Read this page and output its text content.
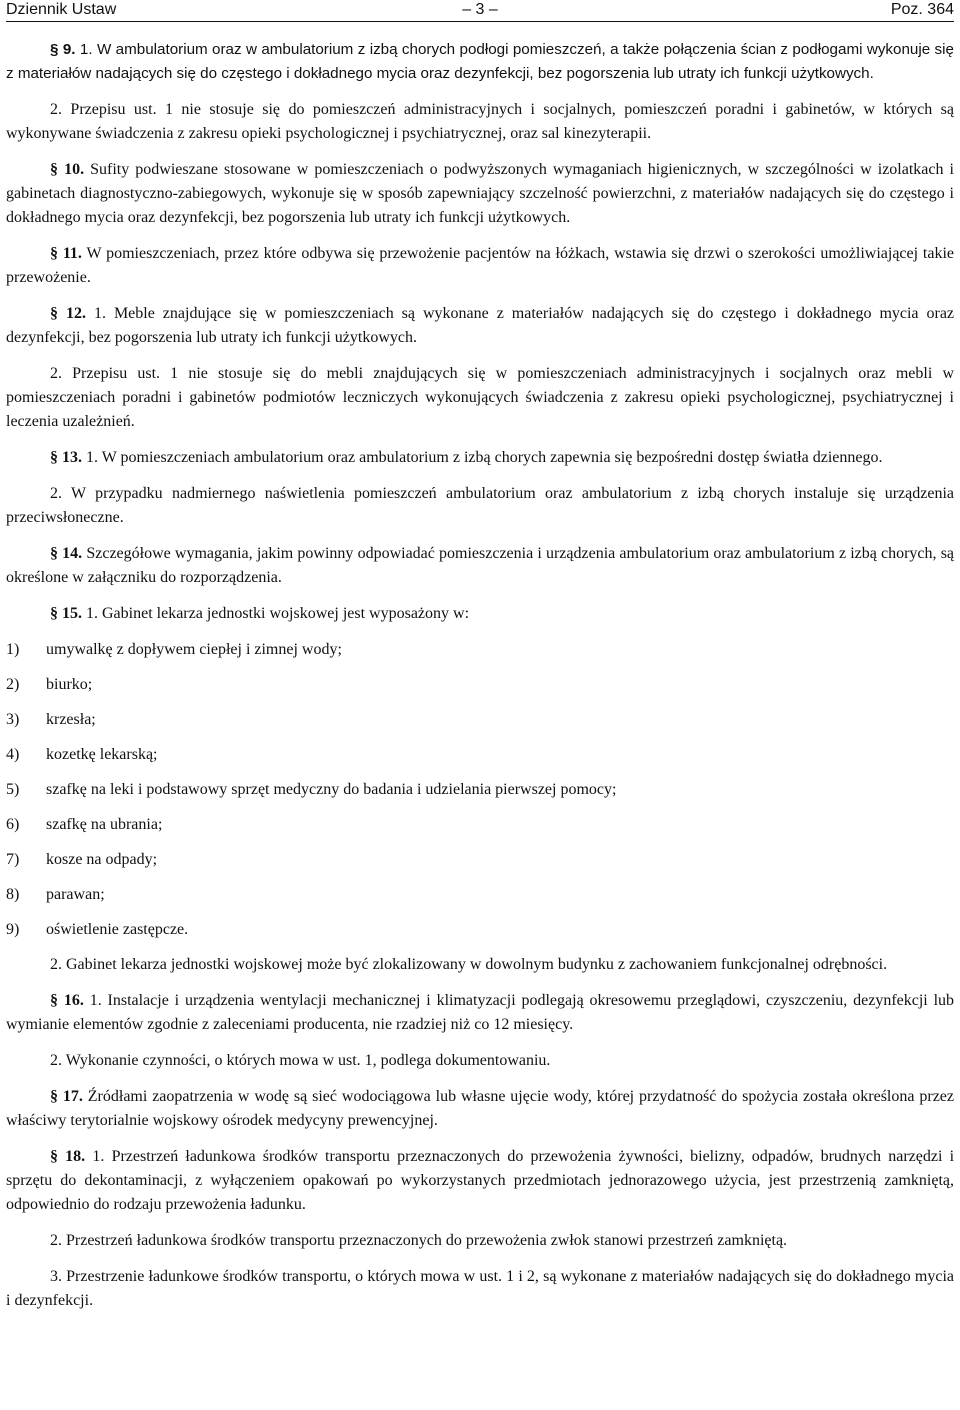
Dziennik Ustaw	– 3 –	Poz. 364

§ 9. 1. W ambulatorium oraz w ambulatorium z izbą chorych podłogi pomieszczeń, a także połączenia ścian z podłogami wykonuje się z materiałów nadających się do częstego i dokładnego mycia oraz dezynfekcji, bez pogorszenia lub utraty ich funkcji użytkowych.

2. Przepisu ust. 1 nie stosuje się do pomieszczeń administracyjnych i socjalnych, pomieszczeń poradni i gabinetów, w których są wykonywane świadczenia z zakresu opieki psychologicznej i psychiatrycznej, oraz sal kinezyterapii.

§ 10. Sufity podwieszane stosowane w pomieszczeniach o podwyższonych wymaganiach higienicznych, w szczególności w izolatkach i gabinetach diagnostyczno-zabiegowych, wykonuje się w sposób zapewniający szczelność powierzchni, z materiałów nadających się do częstego i dokładnego mycia oraz dezynfekcji, bez pogorszenia lub utraty ich funkcji użytkowych.

§ 11. W pomieszczeniach, przez które odbywa się przewożenie pacjentów na łóżkach, wstawia się drzwi o szerokości umożliwiającej takie przewożenie.

§ 12. 1. Meble znajdujące się w pomieszczeniach są wykonane z materiałów nadających się do częstego i dokładnego mycia oraz dezynfekcji, bez pogorszenia lub utraty ich funkcji użytkowych.

2. Przepisu ust. 1 nie stosuje się do mebli znajdujących się w pomieszczeniach administracyjnych i socjalnych oraz mebli w pomieszczeniach poradni i gabinetów podmiotów leczniczych wykonujących świadczenia z zakresu opieki psychologicznej, psychiatrycznej i leczenia uzależnień.

§ 13. 1. W pomieszczeniach ambulatorium oraz ambulatorium z izbą chorych zapewnia się bezpośredni dostęp światła dziennego.

2. W przypadku nadmiernego naświetlenia pomieszczeń ambulatorium oraz ambulatorium z izbą chorych instaluje się urządzenia przeciwsłoneczne.

§ 14. Szczegółowe wymagania, jakim powinny odpowiadać pomieszczenia i urządzenia ambulatorium oraz ambulatorium z izbą chorych, są określone w załączniku do rozporządzenia.

§ 15. 1. Gabinet lekarza jednostki wojskowej jest wyposażony w:

1)	umywalkę z dopływem ciepłej i zimnej wody;
2)	biurko;
3)	krzesła;
4)	kozetkę lekarską;
5)	szafkę na leki i podstawowy sprzęt medyczny do badania i udzielania pierwszej pomocy;
6)	szafkę na ubrania;
7)	kosze na odpady;
8)	parawan;
9)	oświetlenie zastępcze.

2. Gabinet lekarza jednostki wojskowej może być zlokalizowany w dowolnym budynku z zachowaniem funkcjonalnej odrębności.

§ 16. 1. Instalacje i urządzenia wentylacji mechanicznej i klimatyzacji podlegają okresowemu przeglądowi, czyszczeniu, dezynfekcji lub wymianie elementów zgodnie z zaleceniami producenta, nie rzadziej niż co 12 miesięcy.

2. Wykonanie czynności, o których mowa w ust. 1, podlega dokumentowaniu.

§ 17. Źródłami zaopatrzenia w wodę są sieć wodociągowa lub własne ujęcie wody, której przydatność do spożycia została określona przez właściwy terytorialnie wojskowy ośrodek medycyny prewencyjnej.

§ 18. 1. Przestrzeń ładunkowa środków transportu przeznaczonych do przewożenia żywności, bielizny, odpadów, brudnych narzędzi i sprzętu do dekontaminacji, z wyłączeniem opakowań po wykorzystanych przedmiotach jednorazowego użycia, jest przestrzenią zamkniętą, odpowiednio do rodzaju przewożenia ładunku.

2. Przestrzeń ładunkowa środków transportu przeznaczonych do przewożenia zwłok stanowi przestrzeń zamkniętą.

3. Przestrzenie ładunkowe środków transportu, o których mowa w ust. 1 i 2, są wykonane z materiałów nadających się do dokładnego mycia i dezynfekcji.
